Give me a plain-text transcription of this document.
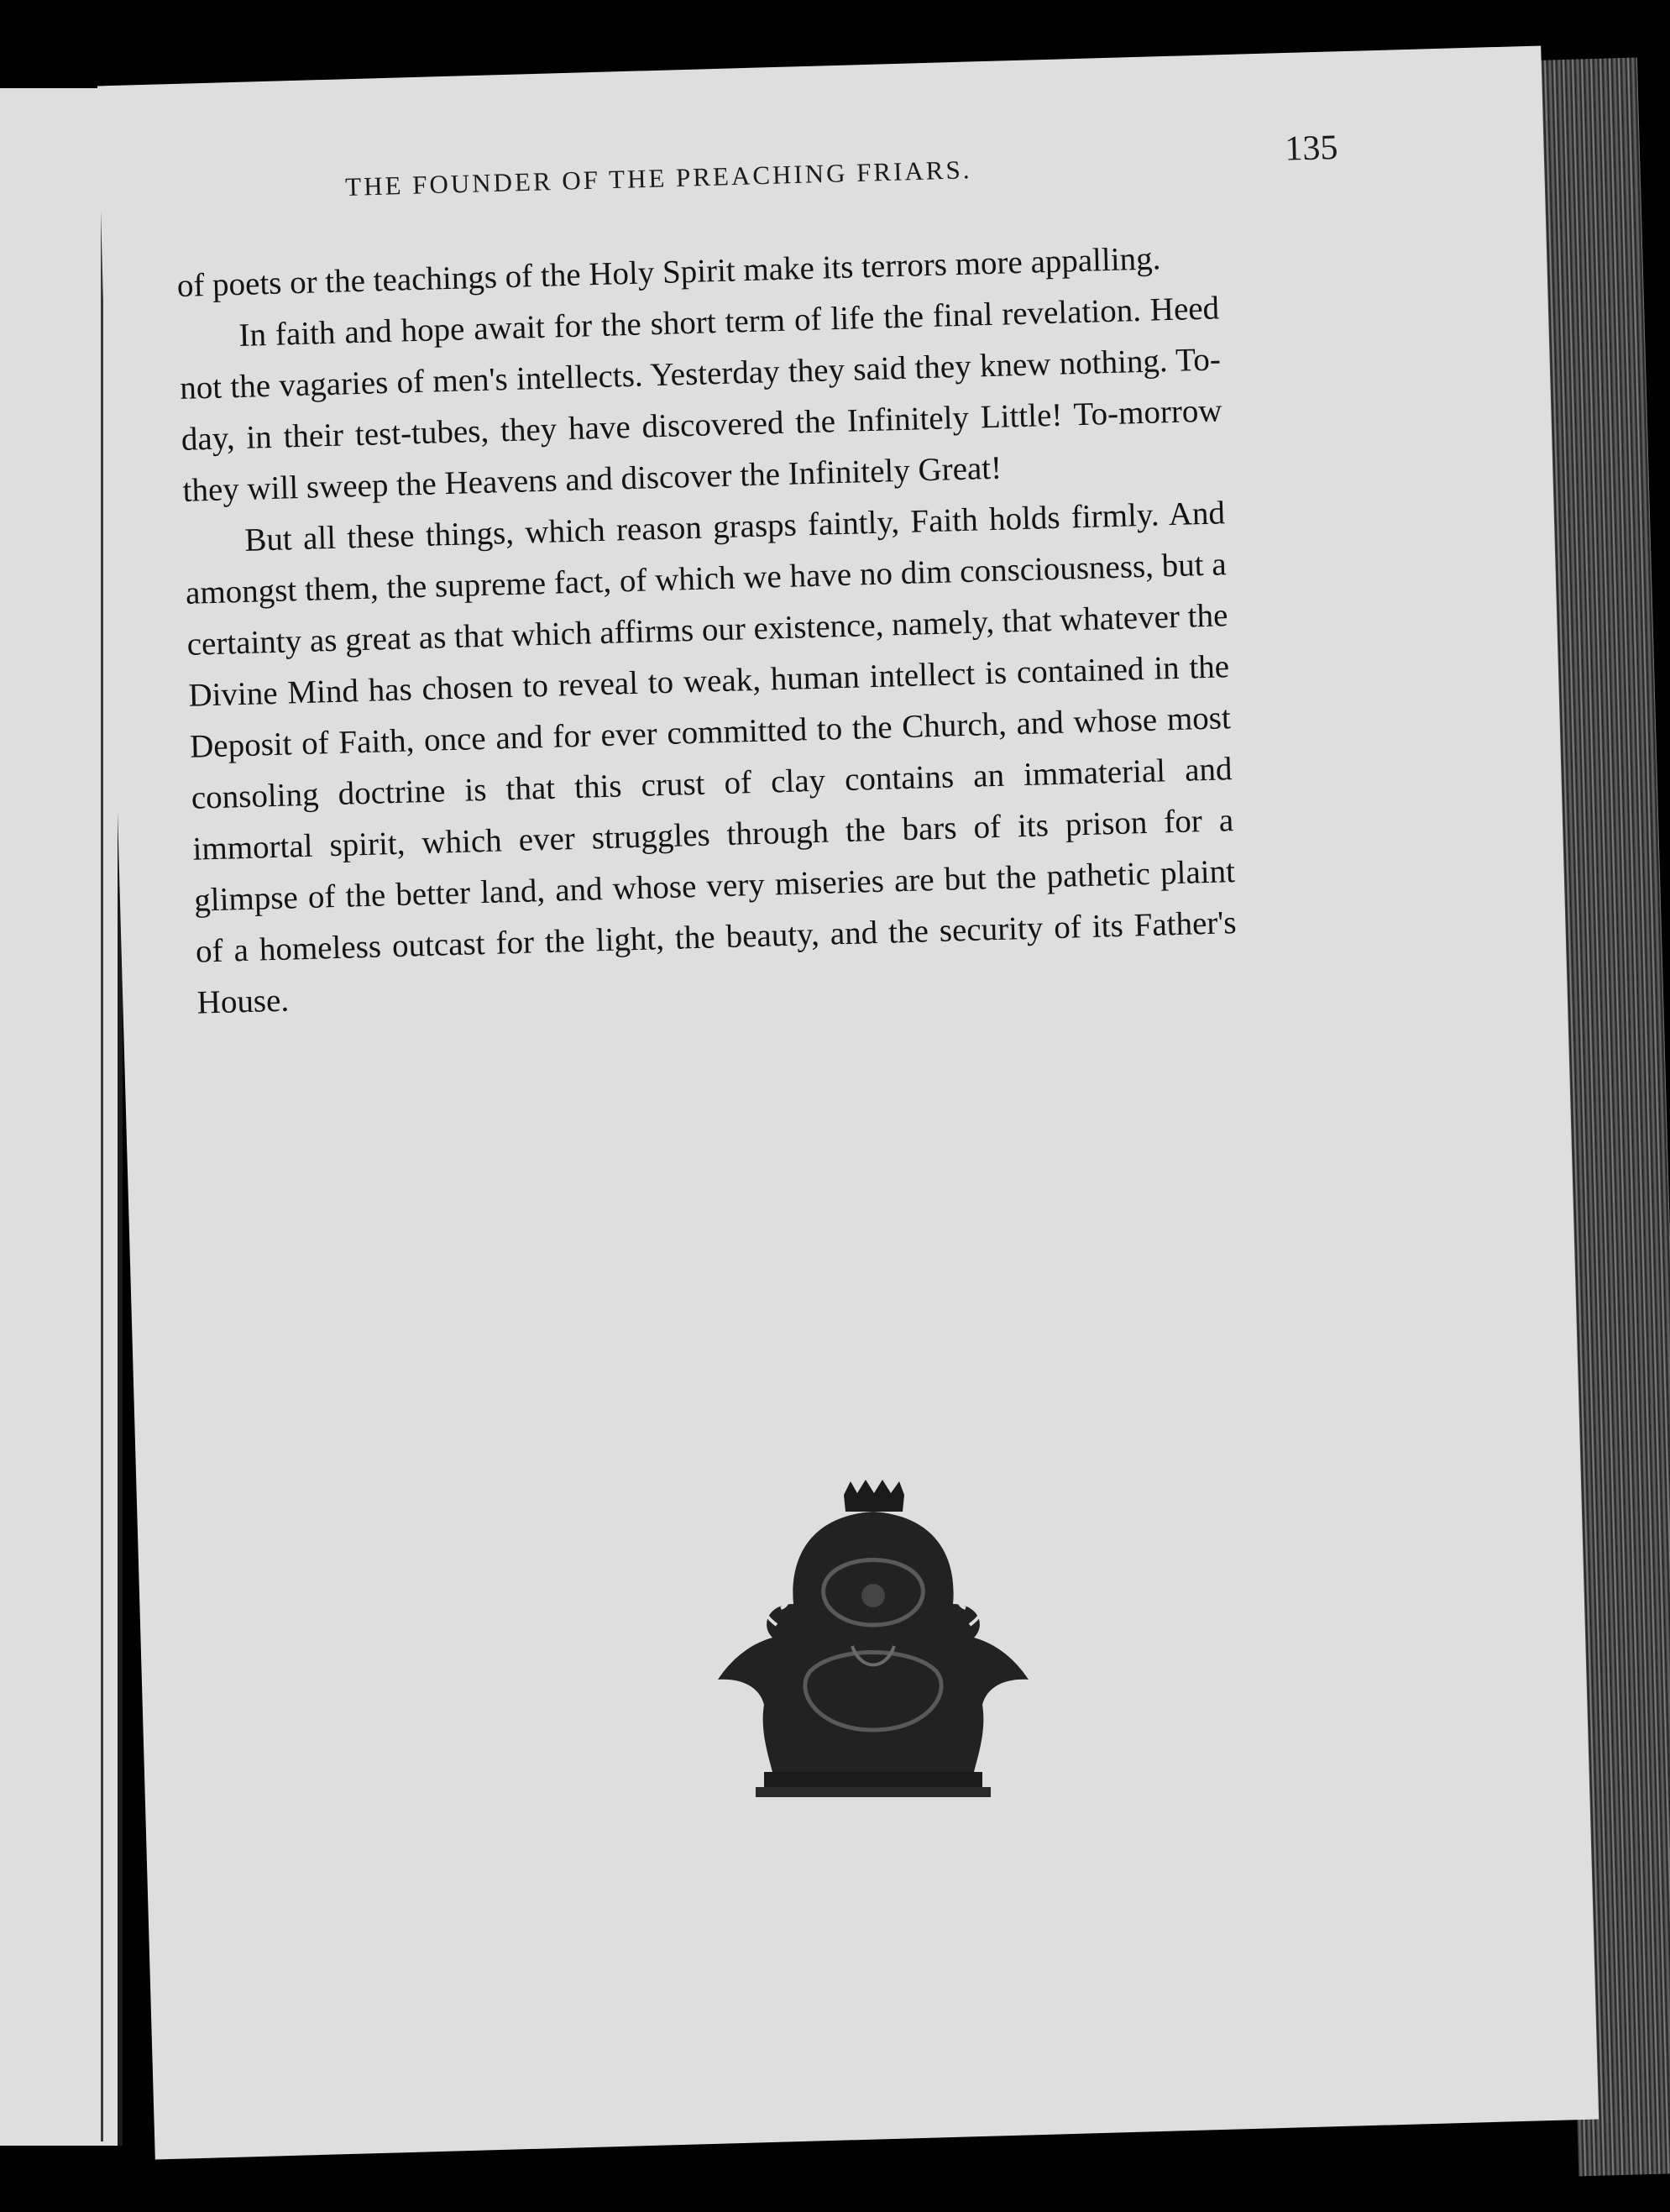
THE FOUNDER OF THE PREACHING FRIARS.
135

of poets or the teachings of the Holy Spirit make its terrors more appalling.

In faith and hope await for the short term of life the final revelation. Heed not the vagaries of men's intellects. Yesterday they said they knew nothing. To-day, in their test-tubes, they have discovered the Infinitely Little! To-morrow they will sweep the Heavens and discover the Infinitely Great!

But all these things, which reason grasps faintly, Faith holds firmly. And amongst them, the supreme fact, of which we have no dim consciousness, but a certainty as great as that which affirms our existence, namely, that whatever the Divine Mind has chosen to reveal to weak, human intellect is contained in the Deposit of Faith, once and for ever committed to the Church, and whose most consoling doctrine is that this crust of clay contains an immaterial and immortal spirit, which ever struggles through the bars of its prison for a glimpse of the better land, and whose very miseries are but the pathetic plaint of a homeless outcast for the light, the beauty, and the security of its Father's House.
